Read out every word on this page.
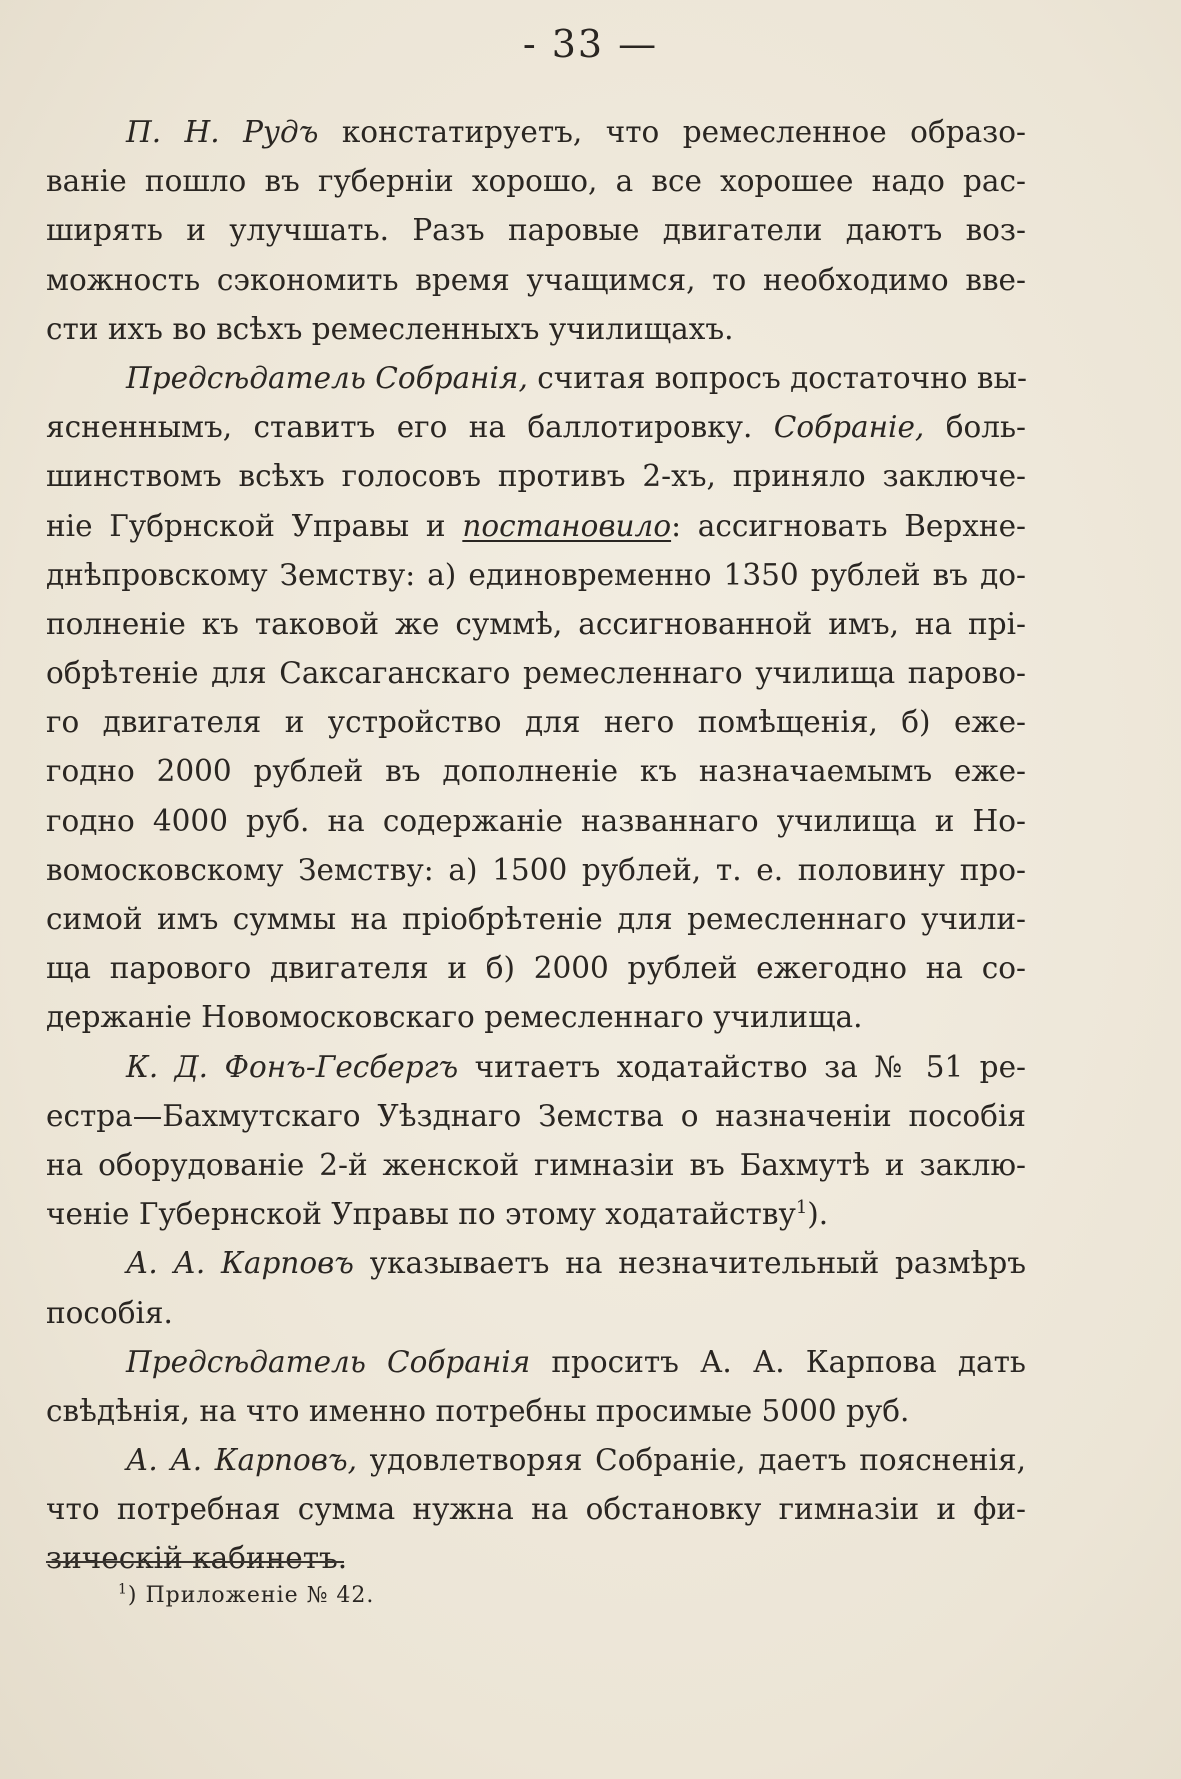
- 33 —
П. Н. Рудъ констатируетъ, что ремесленное образо-
ваніе пошло въ губерніи хорошо, а все хорошее надо рас-
ширять и улучшать. Разъ паровые двигатели даютъ воз-
можность сэкономить время учащимся, то необходимо вве-
сти ихъ во всѣхъ ремесленныхъ училищахъ.
Предсѣдатель Собранія, считая вопросъ достаточно вы-
ясненнымъ, ставитъ его на баллотировку. Собраніе, боль-
шинствомъ всѣхъ голосовъ противъ 2-хъ, приняло заключе-
ніе Губрнской Управы и постановило: ассигновать Верхне-
днѣпровскому Земству: а) единовременно 1350 рублей въ до-
полненіе къ таковой же суммѣ, ассигнованной имъ, на прі-
обрѣтеніе для Саксаганскаго ремесленнаго училища парово-
го двигателя и устройство для него помѣщенія, б) еже-
годно 2000 рублей въ дополненіе къ назначаемымъ еже-
годно 4000 руб. на содержаніе названнаго училища и Но-
вомосковскому Земству: а) 1500 рублей, т. е. половину про-
симой имъ суммы на пріобрѣтеніе для ремесленнаго учили-
ща парового двигателя и б) 2000 рублей ежегодно на со-
держаніе Новомосковскаго ремесленнаго училища.
К. Д. Фонъ-Гесбергъ читаетъ ходатайство за № 51 ре-
естра—Бахмутскаго Уѣзднаго Земства о назначеніи пособія
на оборудованіе 2-й женской гимназіи въ Бахмутѣ и заклю-
ченіе Губернской Управы по этому ходатайству$^1$).
А. А. Карповъ указываетъ на незначительный размѣръ
пособія.
Предсѣдатель Собранія проситъ А. А. Карпова дать
свѣдѣнія, на что именно потребны просимые 5000 руб.
А. А. Карповъ, удовлетворяя Собраніе, даетъ поясненія,
что потребная сумма нужна на обстановку гимназіи и фи-
зическій кабинетъ.
$^1$) Приложеніе № 42.
